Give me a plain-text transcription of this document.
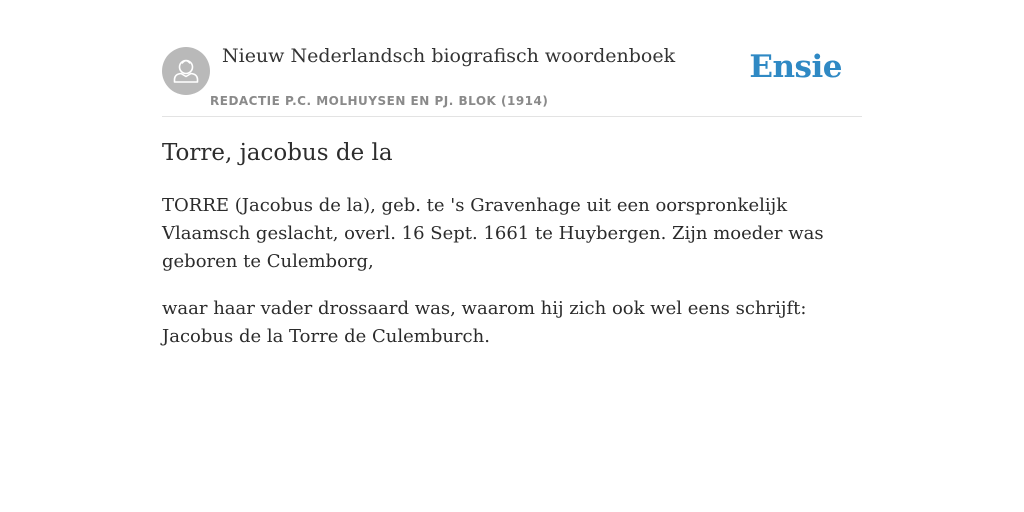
Nieuw Nederlandsch biografisch woordenboek
REDACTIE P.C. MOLHUYSEN EN PJ. BLOK (1914)
Ensie
Torre, jacobus de la

TORRE (Jacobus de la), geb. te 's Gravenhage uit een oorspronkelijk Vlaamsch geslacht, overl. 16 Sept. 1661 te Huybergen. Zijn moeder was geboren te Culemborg,

waar haar vader drossaard was, waarom hij zich ook wel eens schrijft: Jacobus de la Torre de Culemburch.
